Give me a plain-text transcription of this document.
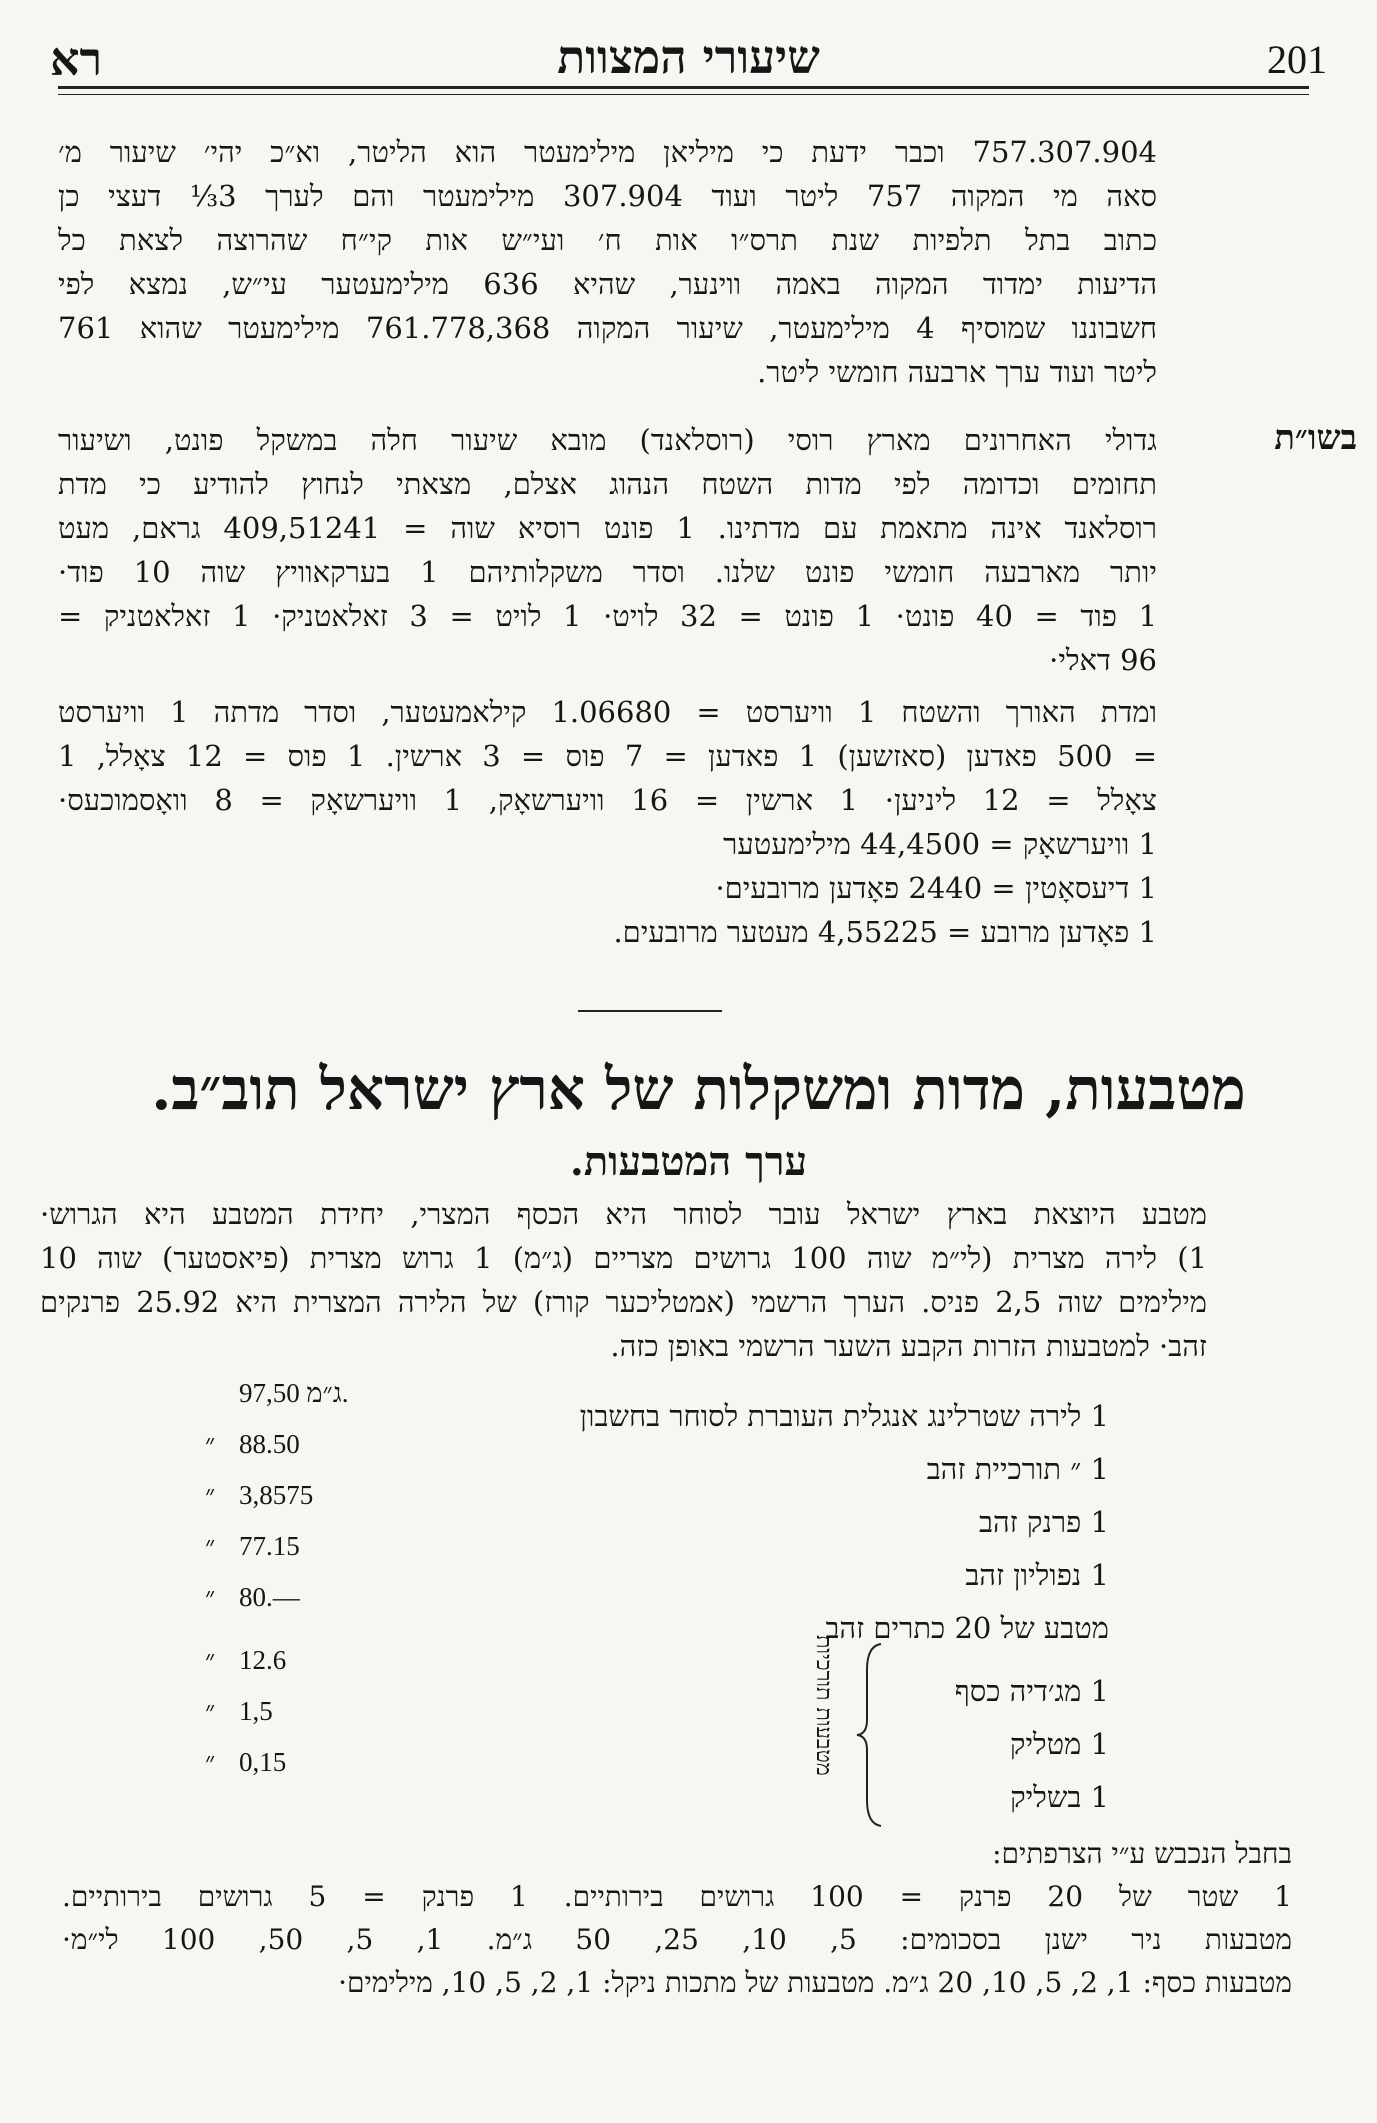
רא	שיעורי המצוות	201
757.307.904 וכבר ידעת כי מיליאן מילימעטר הוא הליטר, וא״כ יהי׳ שיעור מ׳
סאה מי המקוה 757 ליטר ועוד 307.904 מילימעטר והם לערך 3⅓ דעצי כן
כתוב בתל תלפיות שנת תרס״ו אות ח׳ ועי״ש אות קי״ח שהרוצה לצאת כל
הדיעות ימדוד המקוה באמה ווינער, שהיא 636 מילימעטער עי״ש, נמצא לפי
חשבוננו שמוסיף 4 מילימעטר, שיעור המקוה 761.778,368 מילימעטר שהוא 761
ליטר ועוד ערך ארבעה חומשי ליטר.
בשו״ת
גדולי האחרונים מארץ רוסי (רוסלאנד) מובא שיעור חלה במשקל פונט, ושיעור
תחומים וכדומה לפי מדות השטח הנהוג אצלם, מצאתי לנחוץ להודיע כי מדת
רוסלאנד אינה מתאמת עם מדתינו. 1 פונט רוסיא שוה = 409,51241 גראם, מעט
יותר מארבעה חומשי פונט שלנו. וסדר משקלותיהם 1 בערקאוויץ שוה 10 פוד·
1 פוד = 40 פונט· 1 פונט = 32 לויט· 1 לויט = 3 זאלאטניק· 1 זאלאטניק =
96 דאלי·
ומדת האורך והשטח 1 וויערסט = 1.06680 קילאמעטער, וסדר מדתה 1 וויערסט
= 500 פאדען (סאזשען) 1 פאדען = 7 פוס = 3 ארשין. 1 פוס = 12 צאָלל, 1
צאָלל = 12 ליניען· 1 ארשין = 16 וויערשאָק, 1 וויערשאָק = 8 וואָסמוכעס·
1 וויערשאָק = 44,4500 מילימעטער
1 דיעסאָטין = 2440 פאָדען מרובעים·
1 פאָדען מרובע = 4,55225 מעטער מרובעים.
מטבעות, מדות ומשקלות של ארץ ישראל תוב״ב.
ערך המטבעות.
מטבע היוצאת בארץ ישראל עובר לסוחר היא הכסף המצרי, יחידת המטבע היא הגרוש·
1) לירה מצרית (לי״מ שוה 100 גרושים מצריים (ג״מ) 1 גרוש מצרית (פיאסטער) שוה 10
מילימים שוה 2,5 פניס. הערך הרשמי (אמטליכער קורז) של הלירה המצרית היא 25.92 פרנקים
זהב· למטבעות הזרות הקבע השער הרשמי באופן כזה.
1 לירה שטרלינג אנגלית העוברת לסוחר בחשבון
1 ״ תורכיית זהב
1 פרנק זהב
1 נפוליון זהב
מטבע של 20 כתרים זהב
1 מג׳דיה כסף
1 מטליק
1 בשליק
מטבעות תורכיות
97,50 ג״מ.
״ 88.50
״ 3,8575
״ 77.15
״ 80.—
״ 12.6
״ 1,5
״ 0,15
בחבל הנכבש ע״י הצרפתים:
1 שטר של 20 פרנק = 100 גרושים בירותיים. 1 פרנק = 5 גרושים בירותיים.
מטבעות ניר ישנן בסכומים: 5, 10, 25, 50 ג״מ. 1, 5, 50, 100 לי״מ·
מטבעות כסף: 1, 2, 5, 10, 20 ג״מ. מטבעות של מתכות ניקל: 1, 2, 5, 10, מילימים·
